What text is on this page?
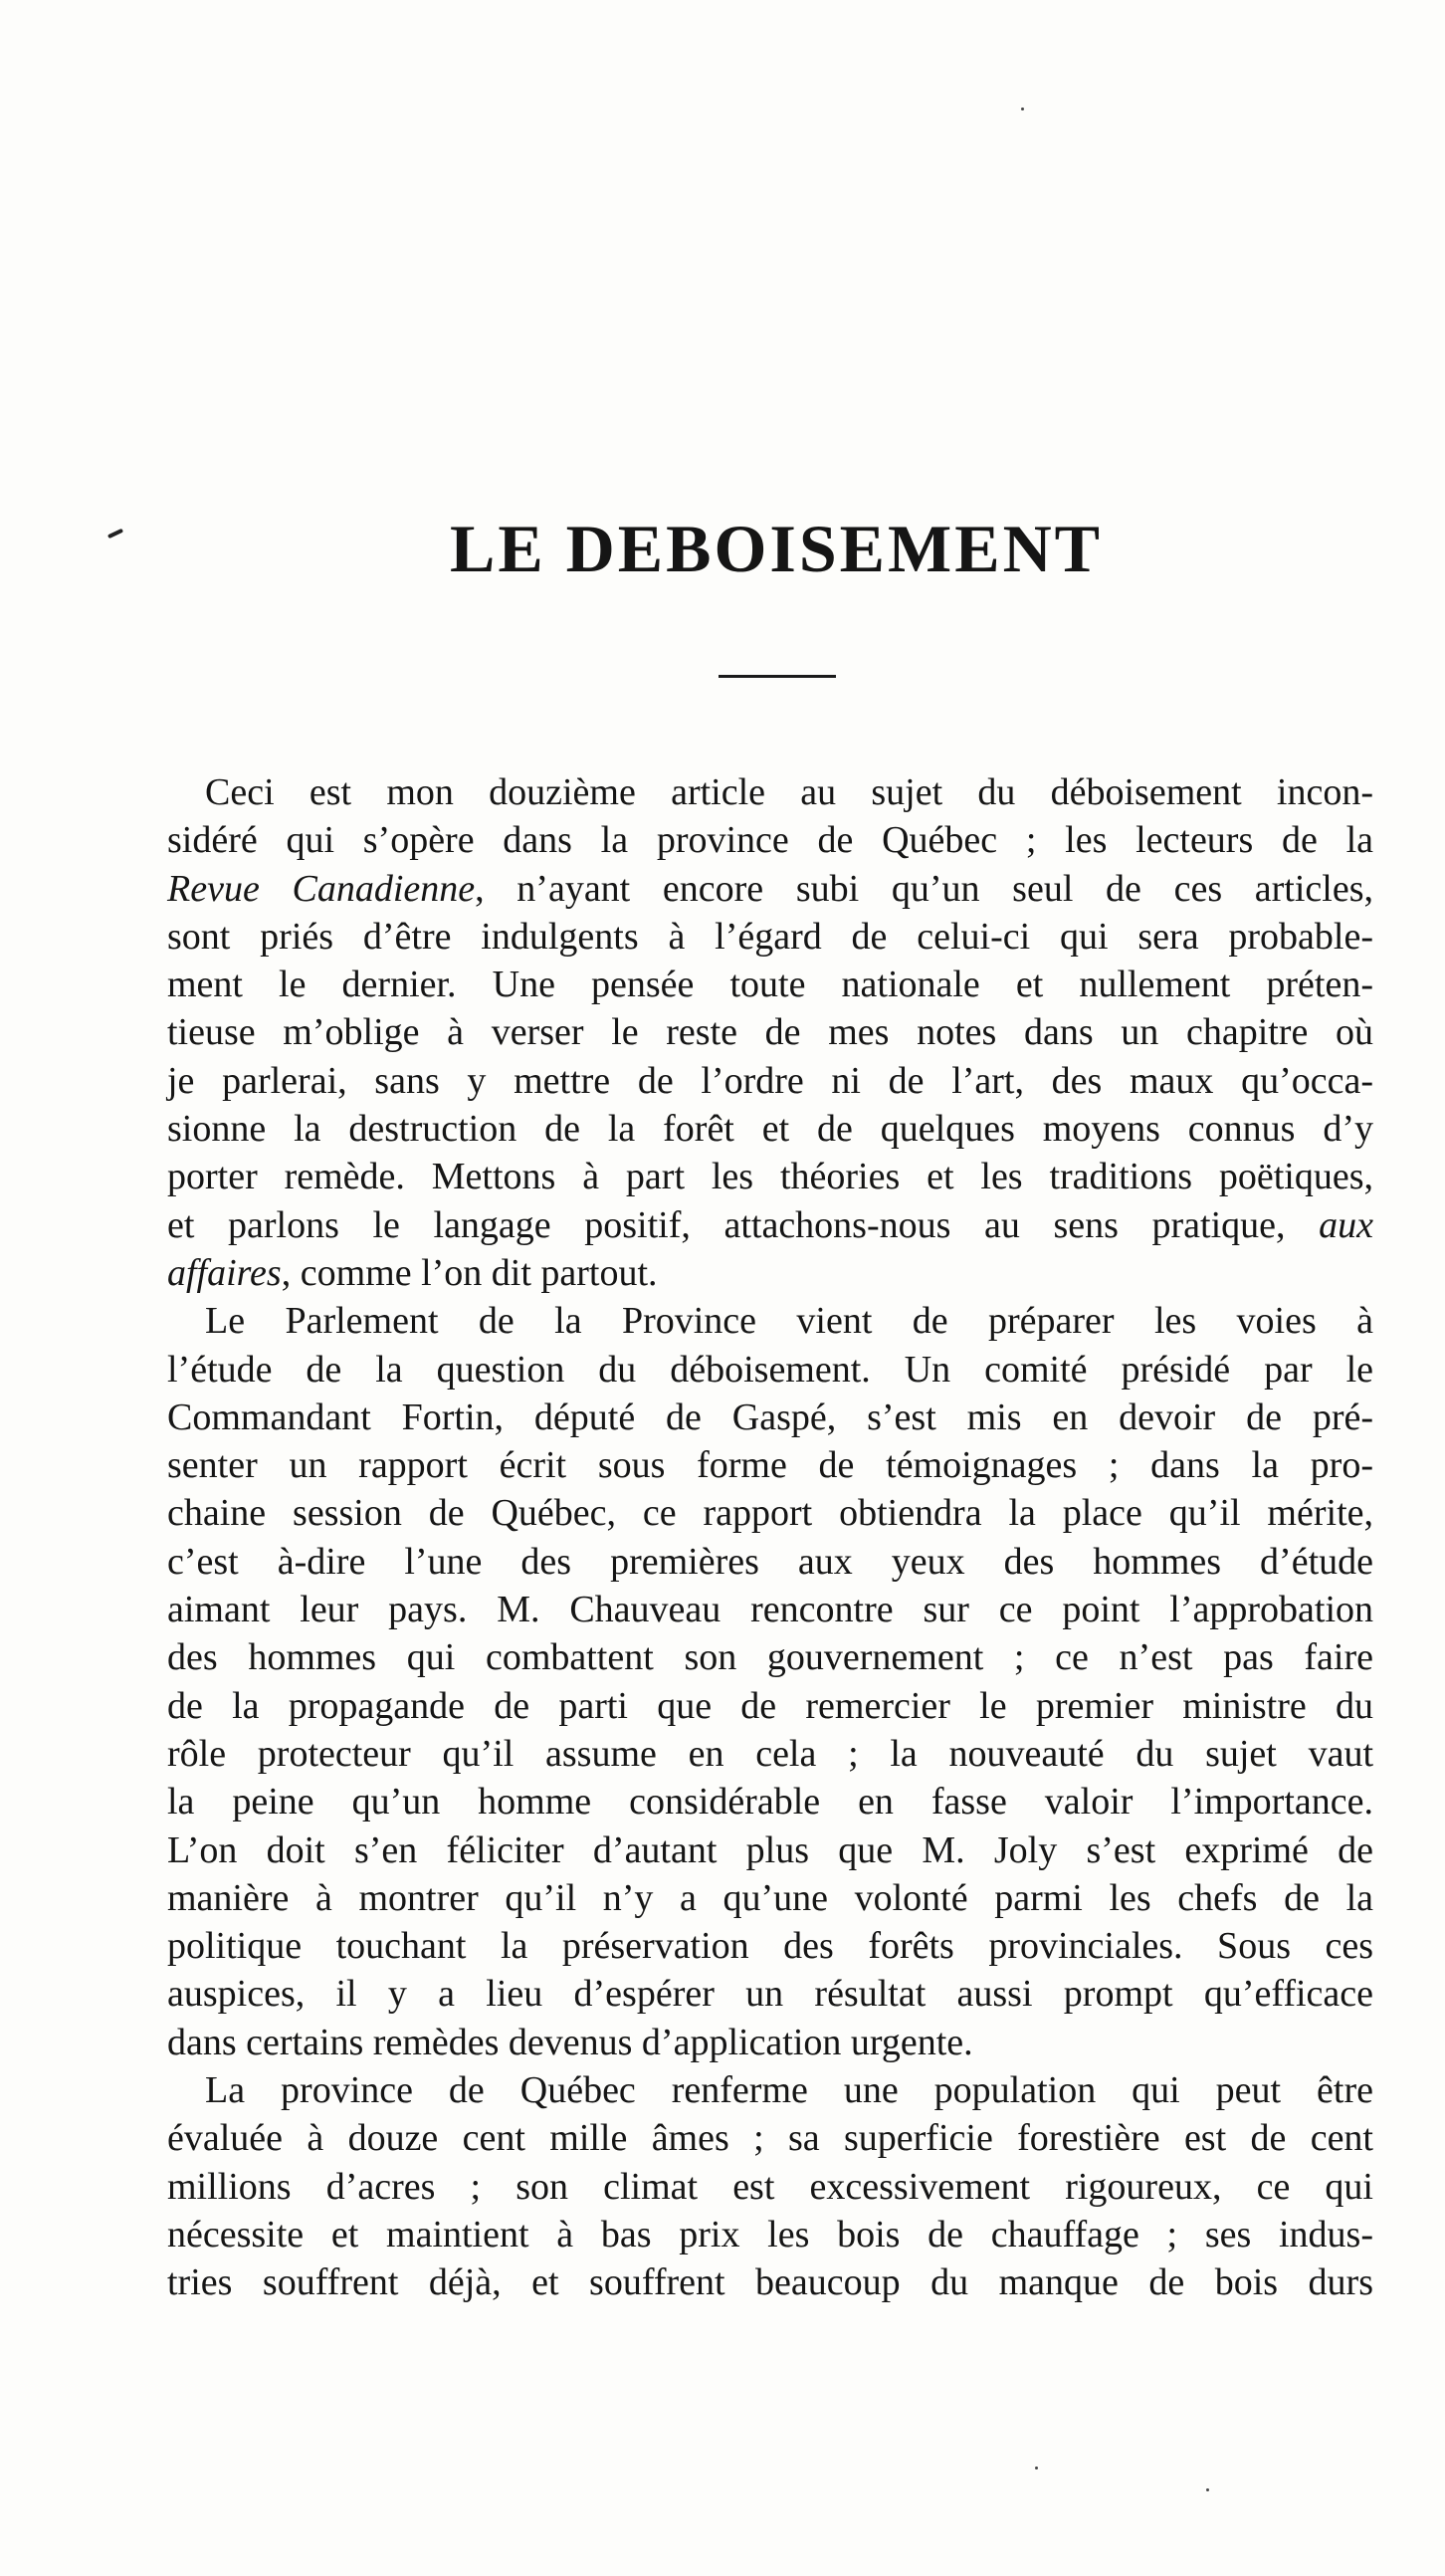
LE DEBOISEMENT
Ceci est mon douzième article au sujet du déboisement incon-
sidéré qui s’opère dans la province de Québec ; les lecteurs de la
Revue Canadienne, n’ayant encore subi qu’un seul de ces articles,
sont priés d’être indulgents à l’égard de celui-ci qui sera probable-
ment le dernier. Une pensée toute nationale et nullement préten-
tieuse m’oblige à verser le reste de mes notes dans un chapitre où
je parlerai, sans y mettre de l’ordre ni de l’art, des maux qu’occa-
sionne la destruction de la forêt et de quelques moyens connus d’y
porter remède. Mettons à part les théories et les traditions poëtiques,
et parlons le langage positif, attachons-nous au sens pratique, aux
affaires, comme l’on dit partout.
Le Parlement de la Province vient de préparer les voies à
l’étude de la question du déboisement. Un comité présidé par le
Commandant Fortin, député de Gaspé, s’est mis en devoir de pré-
senter un rapport écrit sous forme de témoignages ; dans la pro-
chaine session de Québec, ce rapport obtiendra la place qu’il mérite,
c’est à-dire l’une des premières aux yeux des hommes d’étude
aimant leur pays. M. Chauveau rencontre sur ce point l’approbation
des hommes qui combattent son gouvernement ; ce n’est pas faire
de la propagande de parti que de remercier le premier ministre du
rôle protecteur qu’il assume en cela ; la nouveauté du sujet vaut
la peine qu’un homme considérable en fasse valoir l’importance.
L’on doit s’en féliciter d’autant plus que M. Joly s’est exprimé de
manière à montrer qu’il n’y a qu’une volonté parmi les chefs de la
politique touchant la préservation des forêts provinciales. Sous ces
auspices, il y a lieu d’espérer un résultat aussi prompt qu’efficace
dans certains remèdes devenus d’application urgente.
La province de Québec renferme une population qui peut être
évaluée à douze cent mille âmes ; sa superficie forestière est de cent
millions d’acres ; son climat est excessivement rigoureux, ce qui
nécessite et maintient à bas prix les bois de chauffage ; ses indus-
tries souffrent déjà, et souffrent beaucoup du manque de bois durs
